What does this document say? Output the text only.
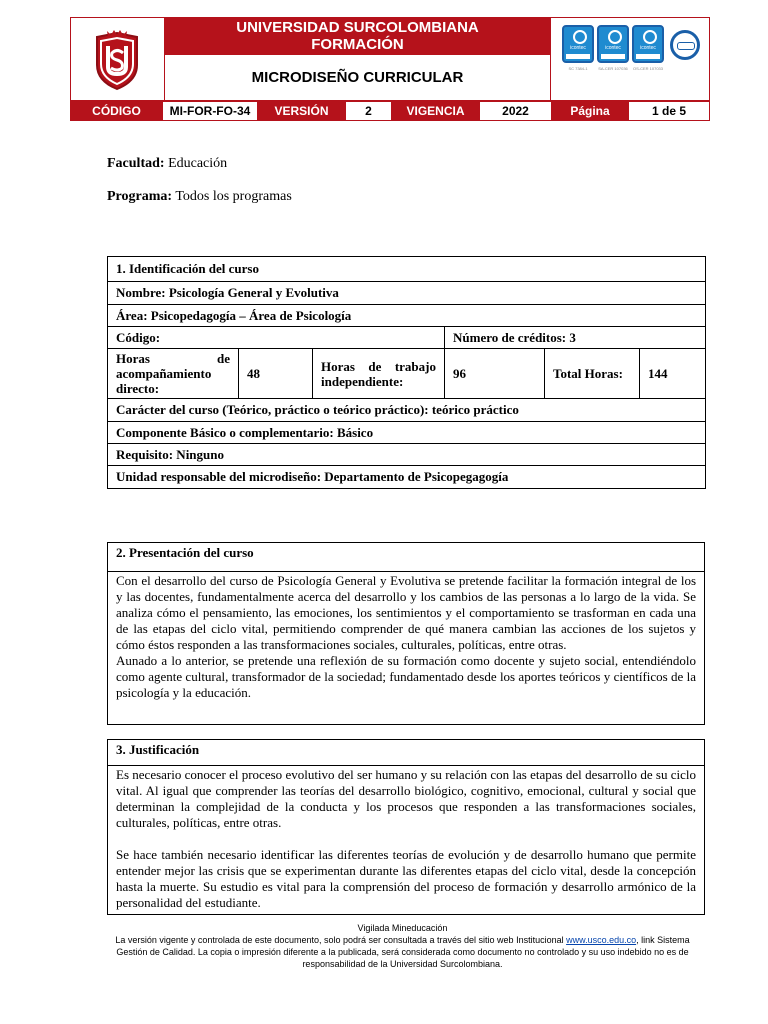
UNIVERSIDAD SURCOLOMBIANA
FORMACIÓN
MICRODISEÑO CURRICULAR
icontec
SC 7384-1
icontec
SA-CER 107036
icontec
OS-CER 107033
CÓDIGO	MI-FOR-FO-34	VERSIÓN	2	VIGENCIA	2022	Página	1 de 5
Facultad: Educación
Programa: Todos los programas
1. Identificación del curso					
Nombre: Psicología General y Evolutiva					
Área: Psicopedagogía – Área de Psicología					
Código:			Número de créditos: 3		
Horas de acompañamiento directo:	48	Horas de trabajo independiente:	96	Total Horas:	144
Carácter del curso (Teórico, práctico o teórico práctico): teórico práctico					
Componente Básico o complementario: Básico					
Requisito: Ninguno					
Unidad responsable del microdiseño: Departamento de Psicopegagogía					
2. Presentación del curso

Con el desarrollo del curso de Psicología General y Evolutiva se pretende facilitar la formación integral de los y las docentes, fundamentalmente acerca del desarrollo y los cambios de las personas a lo largo de la vida. Se analiza cómo el pensamiento, las emociones, los sentimientos y el comportamiento se trasforman en cada una de las etapas del ciclo vital, permitiendo comprender de qué manera cambian las acciones de los sujetos y cómo éstos responden a las transformaciones sociales, culturales, políticas, entre otras.

Aunado a lo anterior, se pretende una reflexión de su formación como docente y sujeto social, entendiéndolo como agente cultural, transformador de la sociedad; fundamentado desde los aportes teóricos y científicos de la psicología y la educación.

3. Justificación

Es necesario conocer el proceso evolutivo del ser humano y su relación con las etapas del desarrollo de su ciclo vital. Al igual que comprender las teorías del desarrollo biológico, cognitivo, emocional, cultural y social que determinan la complejidad de la conducta y los procesos que responden a las transformaciones sociales, culturales, políticas, entre otras.

Se hace también necesario identificar las diferentes teorías de evolución y de desarrollo humano que permite entender mejor las crisis que se experimentan durante las diferentes etapas del ciclo vital, desde la concepción hasta la muerte. Su estudio es vital para la comprensión del proceso de formación y desarrollo armónico de la personalidad del estudiante.

Vigilada Mineducación
La versión vigente y controlada de este documento, solo podrá ser consultada a través del sitio web Institucional www.usco.edu.co, link Sistema Gestión de Calidad. La copia o impresión diferente a la publicada, será considerada como documento no controlado y su uso indebido no es de responsabilidad de la Universidad Surcolombiana.
